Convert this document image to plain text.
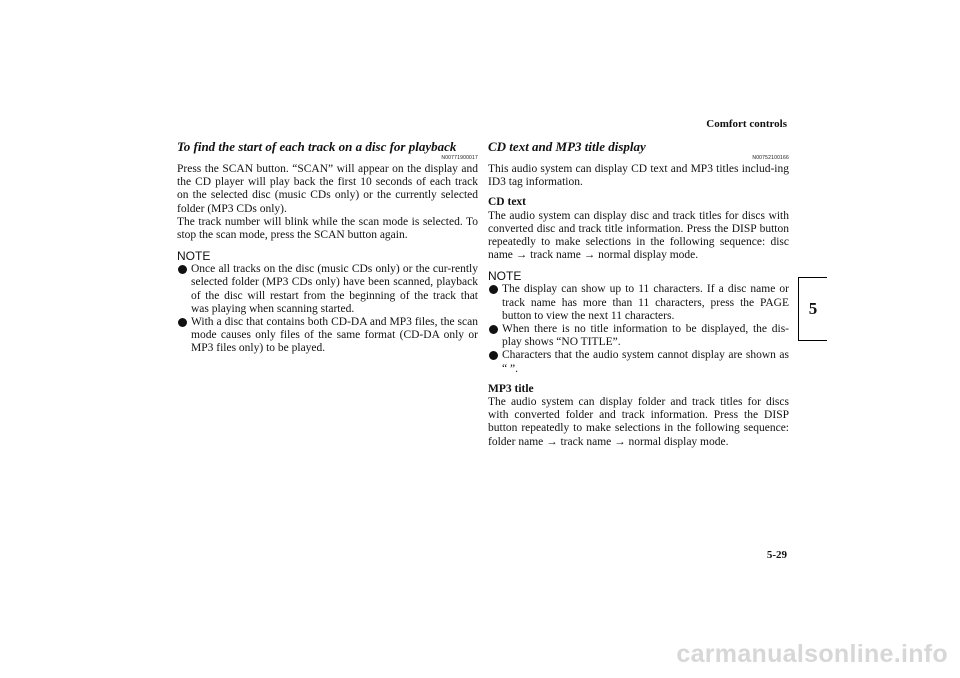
Comfort controls
5
To find the start of each track on a disc for playback
N00771900017

Press the SCAN button. “SCAN” will appear on the display and the CD player will play back the first 10 seconds of each track on the selected disc (music CDs only) or the currently selected folder (MP3 CDs only).

The track number will blink while the scan mode is selected. To stop the scan mode, press the SCAN button again.

NOTE
Once all tracks on the disc (music CDs only) or the cur-rently selected folder (MP3 CDs only) have been scanned, playback of the disc will restart from the beginning of the track that was playing when scanning started.
With a disc that contains both CD-DA and MP3 files, the scan mode causes only files of the same format (CD-DA only or MP3 files only) to be played.
CD text and MP3 title display
N00752100166

This audio system can display CD text and MP3 titles includ-ing ID3 tag information.

CD text

The audio system can display disc and track titles for discs with converted disc and track title information. Press the DISP button repeatedly to make selections in the following sequence: disc name → track name → normal display mode.

NOTE
The display can show up to 11 characters. If a disc name or track name has more than 11 characters, press the PAGE button to view the next 11 characters.
When there is no title information to be displayed, the dis-play shows “NO TITLE”.
Characters that the audio system cannot display are shown as “ ”.

MP3 title

The audio system can display folder and track titles for discs with converted folder and track information. Press the DISP button repeatedly to make selections in the following sequence: folder name → track name → normal display mode.

5-29
carmanualsonline.info
